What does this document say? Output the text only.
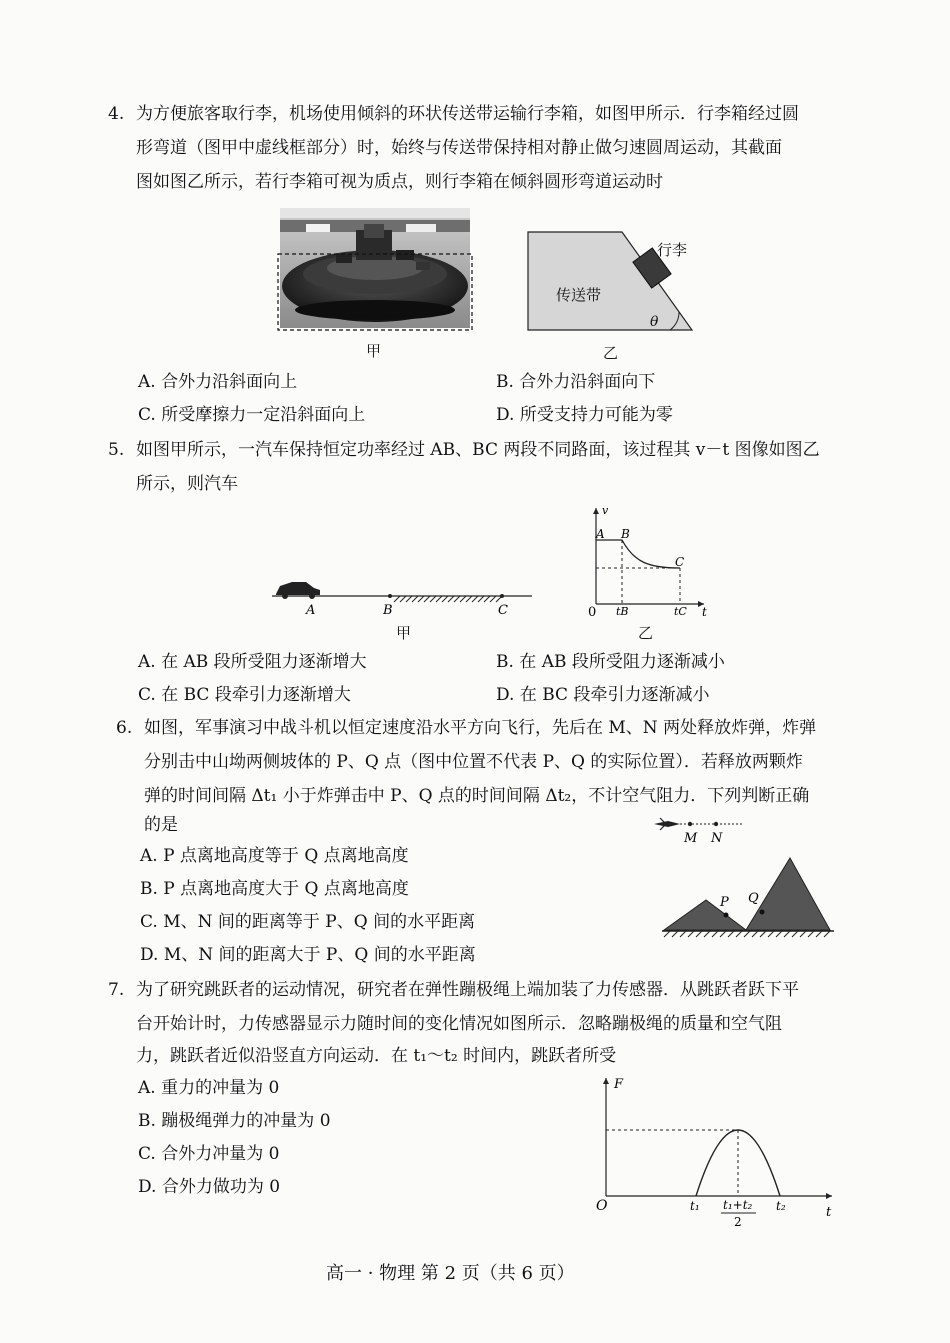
4. 为方便旅客取行李，机场使用倾斜的环状传送带运输行李箱，如图甲所示．行李箱经过圆
形弯道（图甲中虚线框部分）时，始终与传送带保持相对静止做匀速圆周运动，其截面
图如图乙所示，若行李箱可视为质点，则行李箱在倾斜圆形弯道运动时
甲
传送带
行李
θ
乙
A. 合外力沿斜面向上	B. 合外力沿斜面向下
C. 所受摩擦力一定沿斜面向上	D. 所受支持力可能为零
5. 如图甲所示，一汽车保持恒定功率经过 AB、BC 两段不同路面，该过程其 v－t 图像如图乙
所示，则汽车
A	B	C
甲
v
t
0
A B
C
tB	tC
乙
A. 在 AB 段所受阻力逐渐增大	B. 在 AB 段所受阻力逐渐减小
C. 在 BC 段牵引力逐渐增大	D. 在 BC 段牵引力逐渐减小
6. 如图，军事演习中战斗机以恒定速度沿水平方向飞行，先后在 M、N 两处释放炸弹，炸弹
分别击中山坳两侧坡体的 P、Q 点（图中位置不代表 P、Q 的实际位置）．若释放两颗炸
弹的时间间隔 Δt₁ 小于炸弹击中 P、Q 点的时间间隔 Δt₂，不计空气阻力．下列判断正确
的是
M N
P Q
A. P 点离地高度等于 Q 点离地高度
B. P 点离地高度大于 Q 点离地高度
C. M、N 间的距离等于 P、Q 间的水平距离
D. M、N 间的距离大于 P、Q 间的水平距离
7. 为了研究跳跃者的运动情况，研究者在弹性蹦极绳上端加装了力传感器．从跳跃者跃下平
台开始计时，力传感器显示力随时间的变化情况如图所示．忽略蹦极绳的质量和空气阻
力，跳跃者近似沿竖直方向运动．在 t₁～t₂ 时间内，跳跃者所受
A. 重力的冲量为 0
B. 蹦极绳弹力的冲量为 0
C. 合外力冲量为 0
D. 合外力做功为 0
F
t
O	t₁	t₂
t₁+t₂
2
高一 · 物理 第 2 页（共 6 页）
